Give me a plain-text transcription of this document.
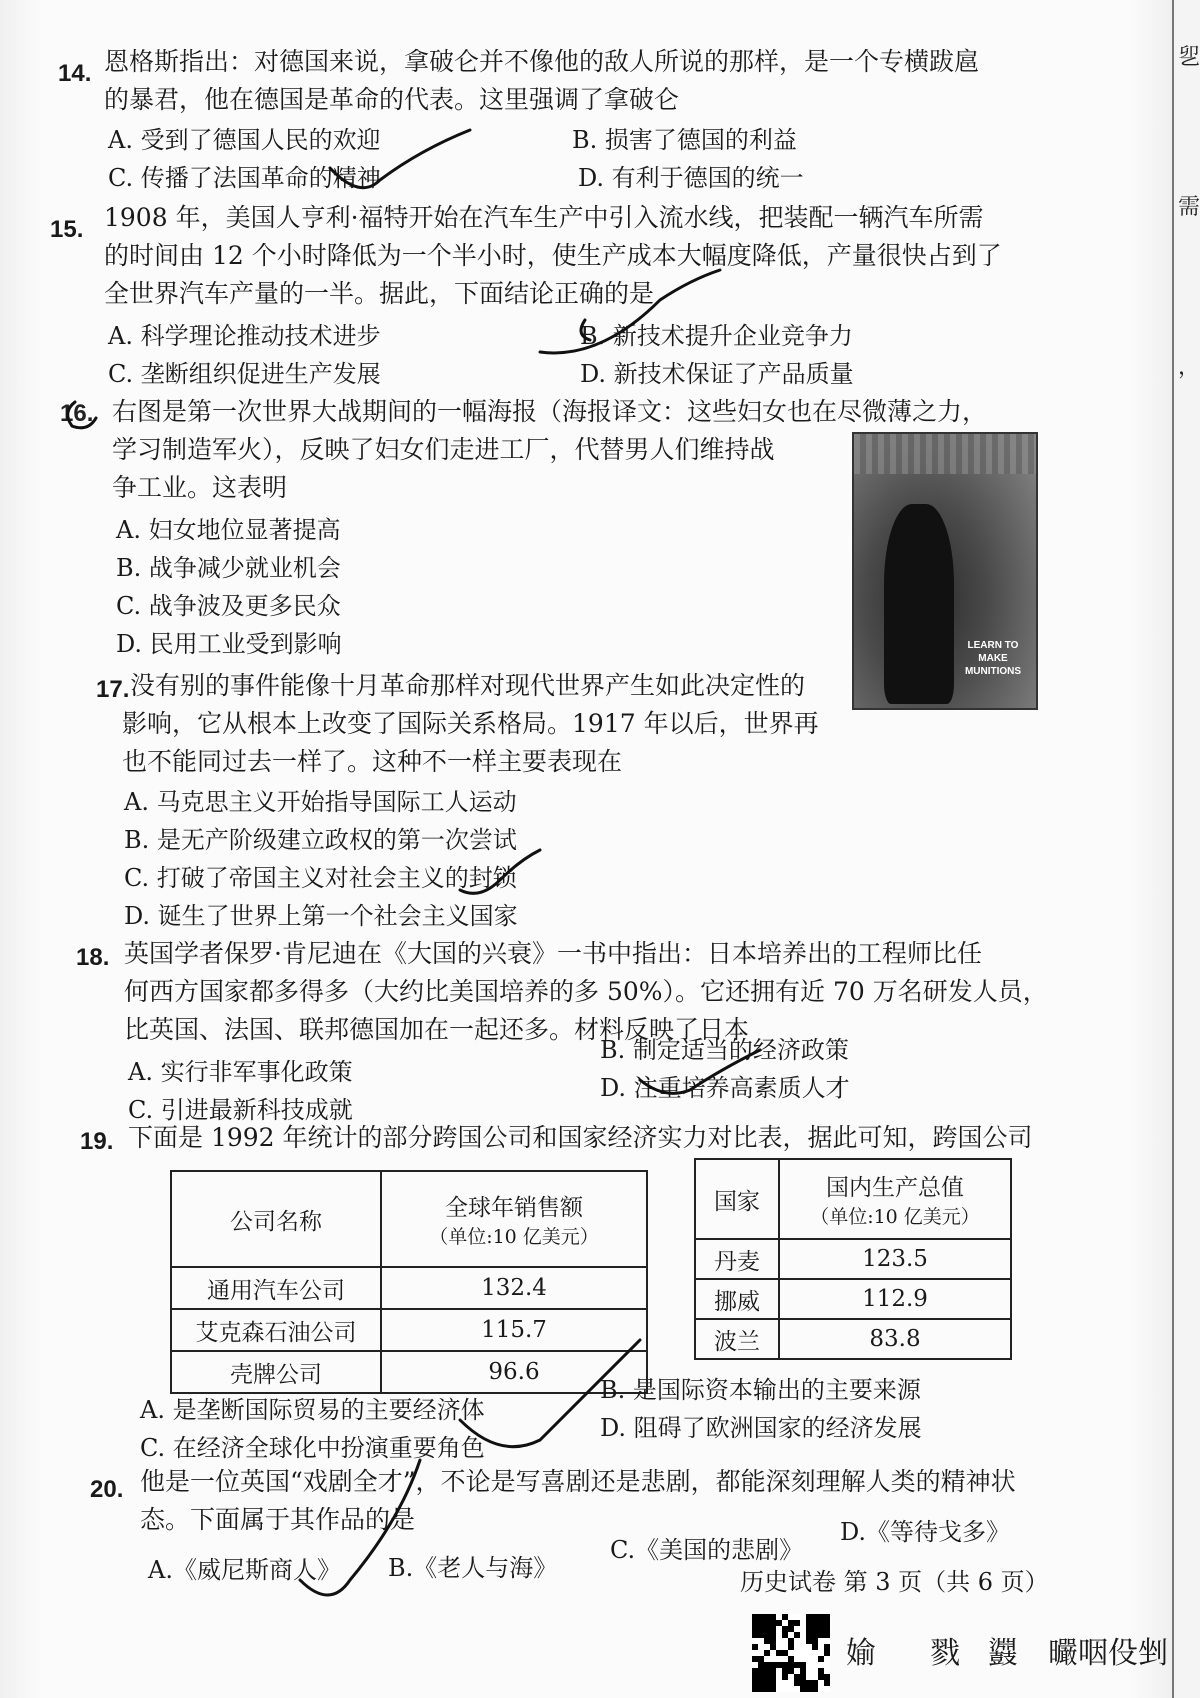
乮
需
，
14. 恩格斯指出：对德国来说，拿破仑并不像他的敌人所说的那样，是一个专横跋扈
的暴君，他在德国是革命的代表。这里强调了拿破仑
A. 受到了德国人民的欢迎	B. 损害了德国的利益
C. 传播了法国革命的精神	D. 有利于德国的统一
15. 1908 年，美国人亨利·福特开始在汽车生产中引入流水线，把装配一辆汽车所需
的时间由 12 个小时降低为一个半小时，使生产成本大幅度降低，产量很快占到了
全世界汽车产量的一半。据此，下面结论正确的是
A. 科学理论推动技术进步	B. 新技术提升企业竞争力
C. 垄断组织促进生产发展	D. 新技术保证了产品质量
16. 右图是第一次世界大战期间的一幅海报（海报译文：这些妇女也在尽微薄之力，
学习制造军火），反映了妇女们走进工厂，代替男人们维持战
争工业。这表明
A. 妇女地位显著提高
B. 战争减少就业机会
C. 战争波及更多民众
D. 民用工业受到影响	LEARN TO
MAKE
MUNITIONS
17. 没有别的事件能像十月革命那样对现代世界产生如此决定性的
影响，它从根本上改变了国际关系格局。1917 年以后，世界再
也不能同过去一样了。这种不一样主要表现在
A. 马克思主义开始指导国际工人运动
B. 是无产阶级建立政权的第一次尝试
C. 打破了帝国主义对社会主义的封锁
D. 诞生了世界上第一个社会主义国家
18. 英国学者保罗·肯尼迪在《大国的兴衰》一书中指出：日本培养出的工程师比任
何西方国家都多得多（大约比美国培养的多 50%）。它还拥有近 70 万名研发人员，
比英国、法国、联邦德国加在一起还多。材料反映了日本
A. 实行非军事化政策
B. 制定适当的经济政策
C. 引进最新科技成就
D. 注重培养高素质人才
19. 下面是 1992 年统计的部分跨国公司和国家经济实力对比表，据此可知，跨国公司
公司名称	全球年销售额
（单位:10 亿美元）

通用汽车公司	132.4
艾克森石油公司	115.7
壳牌公司	96.6
国家	国内生产总值
（单位:10 亿美元）

丹麦	123.5
挪威	112.9
波兰	83.8
A. 是垄断国际贸易的主要经济体
B. 是国际资本输出的主要来源
C. 在经济全球化中扮演重要角色
D. 阻碍了欧洲国家的经济发展
20. 他是一位英国“戏剧全才”，不论是写喜剧还是悲剧，都能深刻理解人类的精神状
态。下面属于其作品的是
A.《威尼斯商人》 B.《老人与海》
C.《美国的悲剧》
D.《等待戈多》
历史试卷 第 3 页（共 6 页）
媮 戮 鼝 曮咽伇剉
